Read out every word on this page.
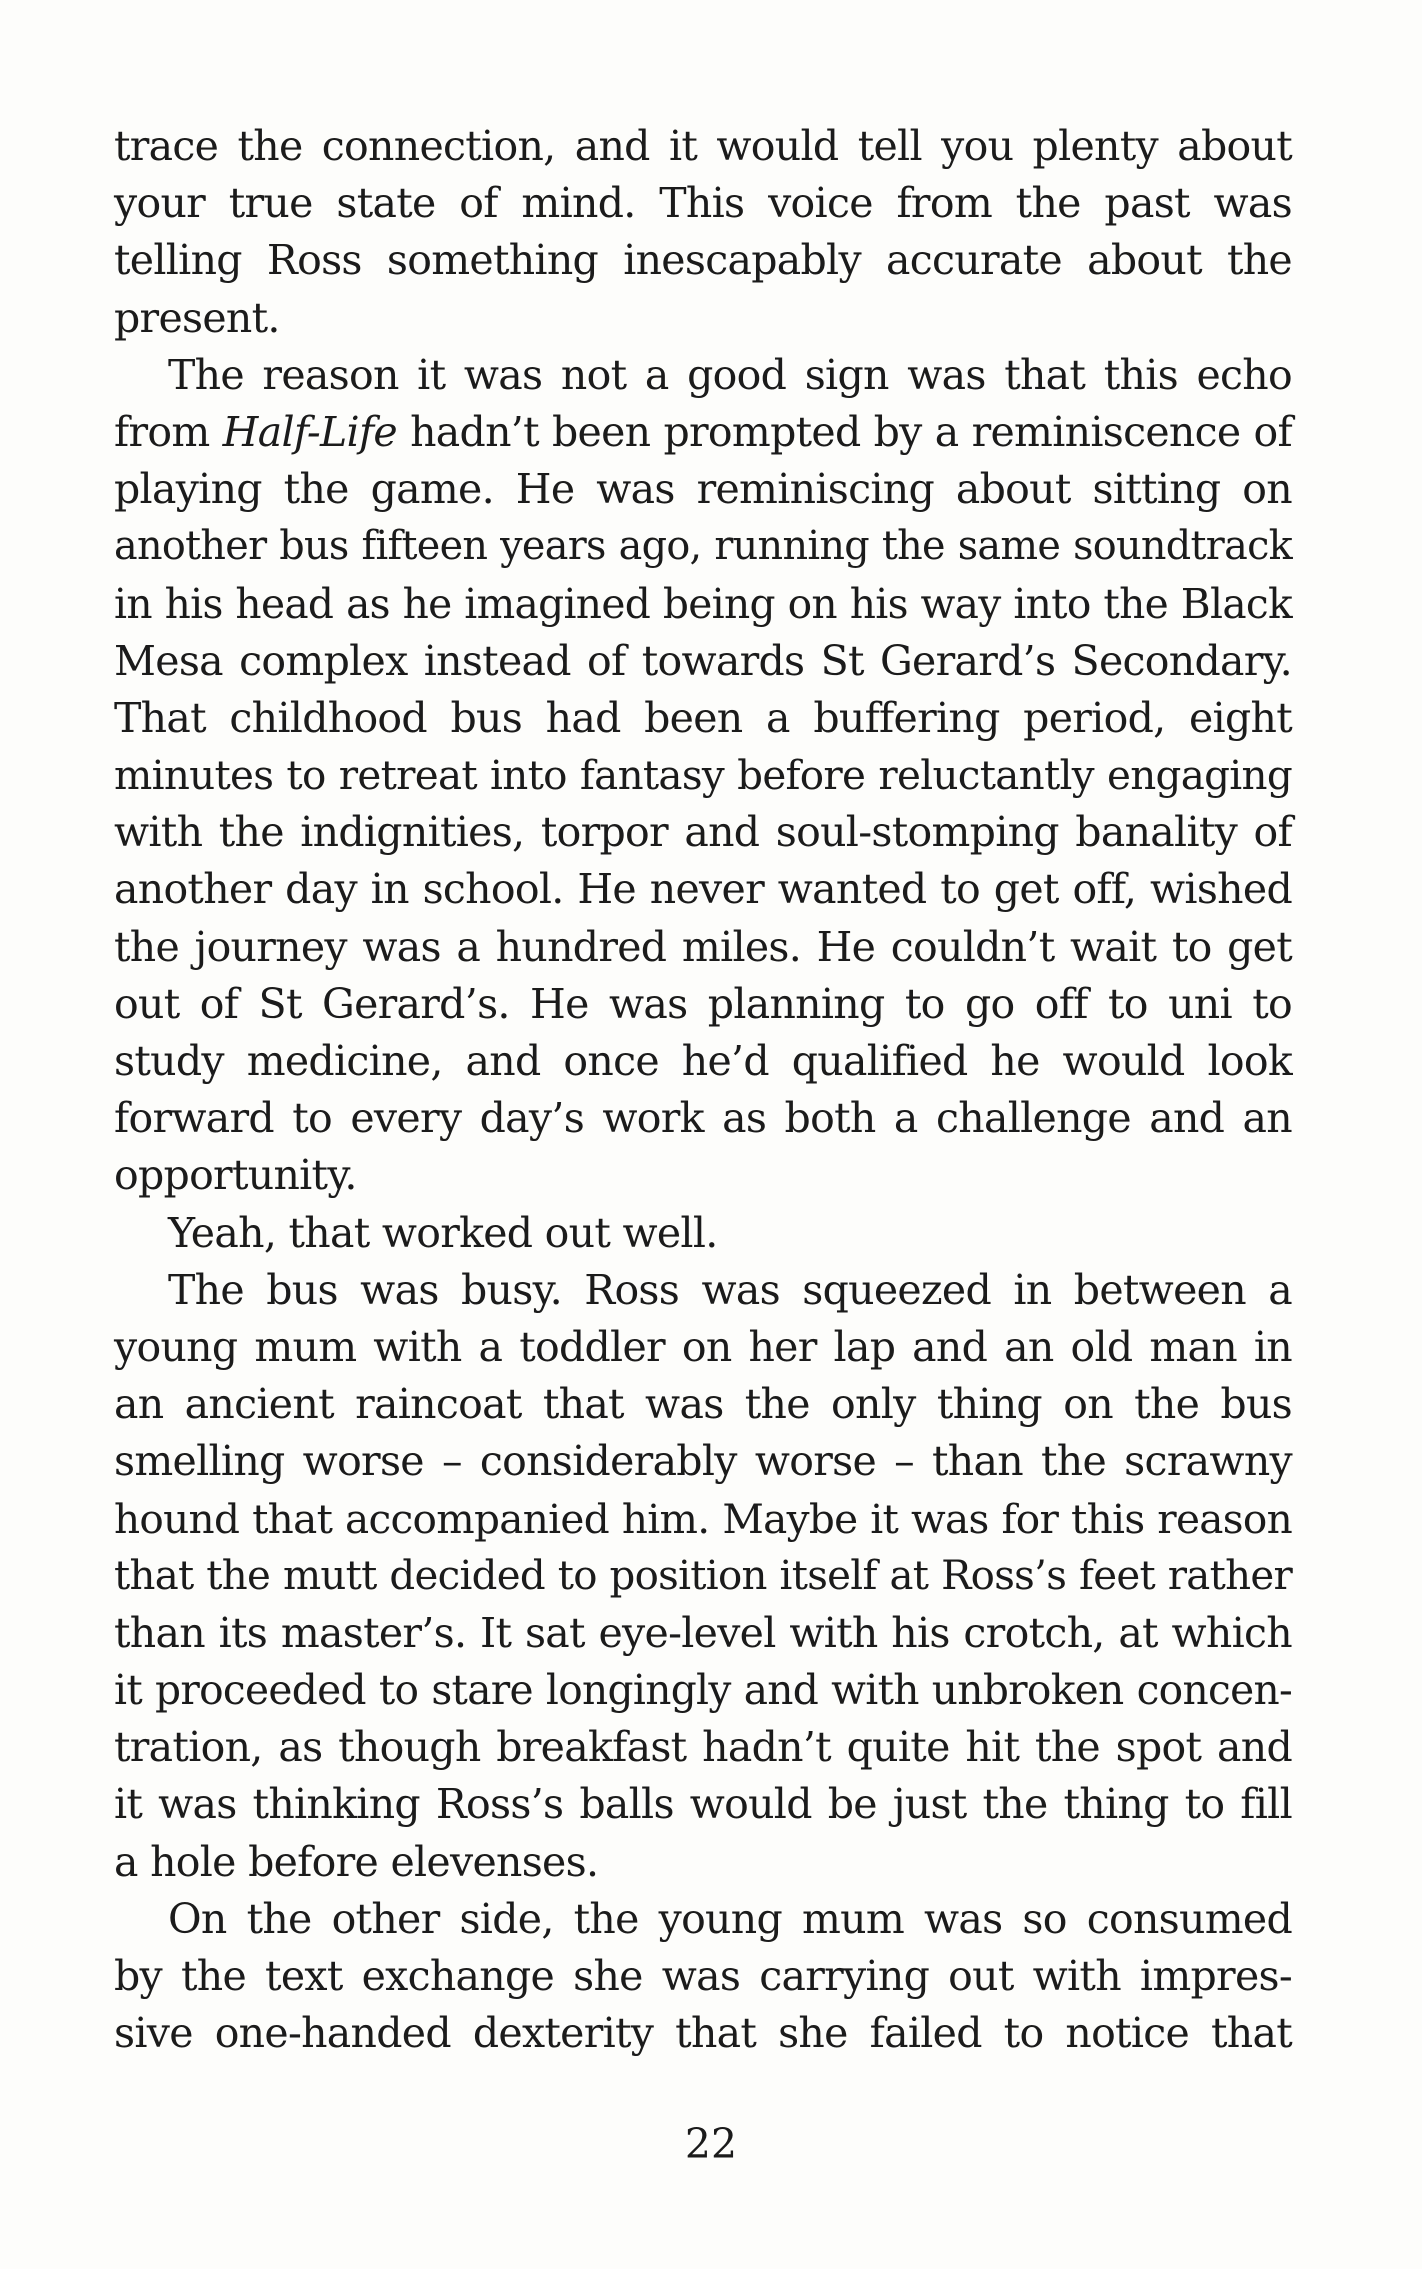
trace the connection, and it would tell you plenty about
your true state of mind. This voice from the past was
telling Ross something inescapably accurate about the
present.
The reason it was not a good sign was that this echo
from Half-Life hadn’t been prompted by a reminiscence of
playing the game. He was reminiscing about sitting on
another bus fifteen years ago, running the same soundtrack
in his head as he imagined being on his way into the Black
Mesa complex instead of towards St Gerard’s Secondary.
That childhood bus had been a buffering period, eight
minutes to retreat into fantasy before reluctantly engaging
with the indignities, torpor and soul-stomping banality of
another day in school. He never wanted to get off, wished
the journey was a hundred miles. He couldn’t wait to get
out of St Gerard’s. He was planning to go off to uni to
study medicine, and once he’d qualified he would look
forward to every day’s work as both a challenge and an
opportunity.
Yeah, that worked out well.
The bus was busy. Ross was squeezed in between a
young mum with a toddler on her lap and an old man in
an ancient raincoat that was the only thing on the bus
smelling worse – considerably worse – than the scrawny
hound that accompanied him. Maybe it was for this reason
that the mutt decided to position itself at Ross’s feet rather
than its master’s. It sat eye-level with his crotch, at which
it proceeded to stare longingly and with unbroken concen-
tration, as though breakfast hadn’t quite hit the spot and
it was thinking Ross’s balls would be just the thing to fill
a hole before elevenses.
On the other side, the young mum was so consumed
by the text exchange she was carrying out with impres-
sive one-handed dexterity that she failed to notice that
22
